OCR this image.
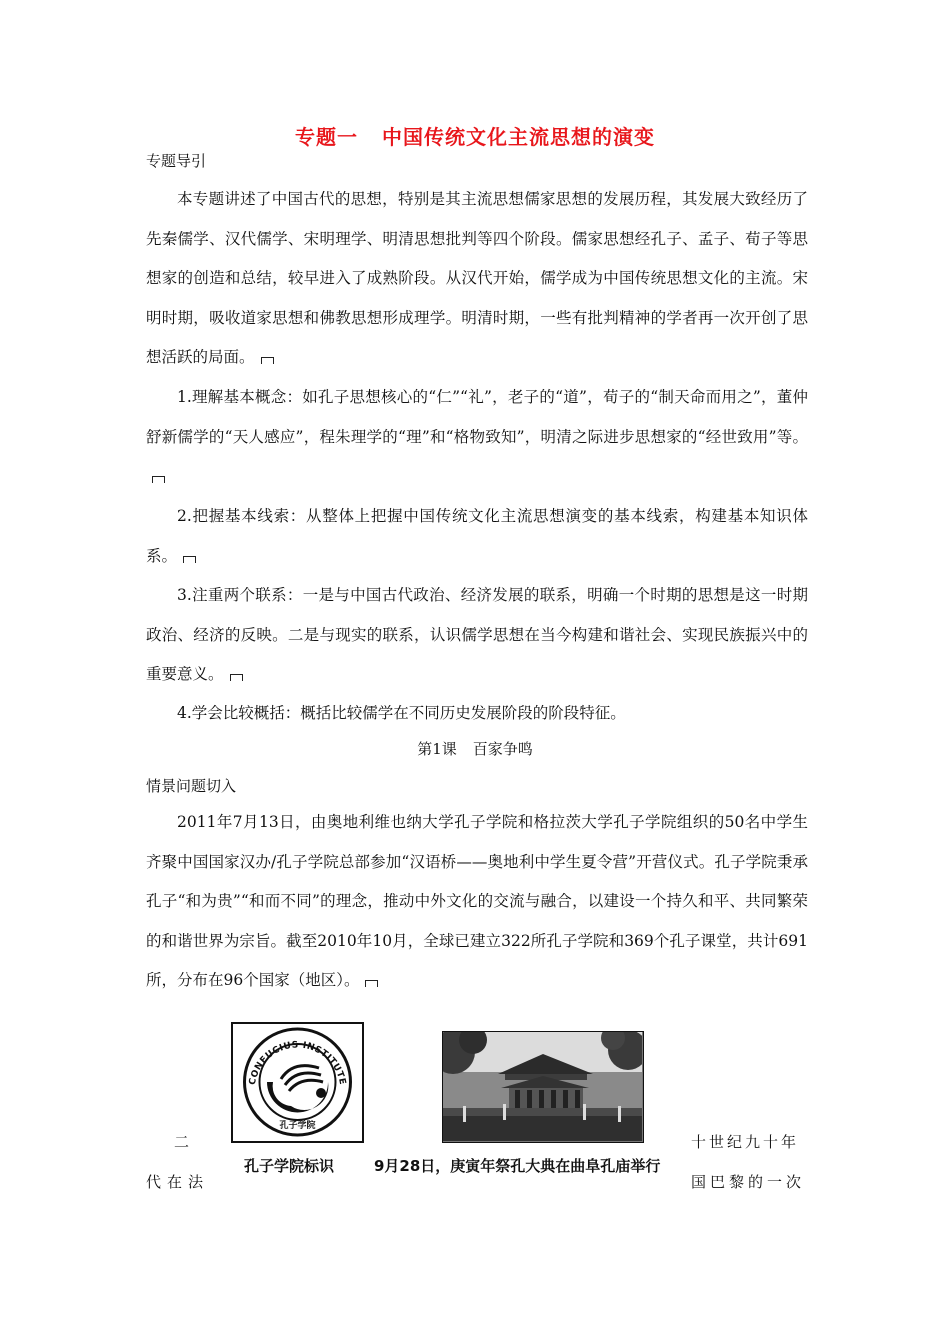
专题一 中国传统文化主流思想的演变
专题导引

本专题讲述了中国古代的思想，特别是其主流思想儒家思想的发展历程，其发展大致经历了先秦儒学、汉代儒学、宋明理学、明清思想批判等四个阶段。儒家思想经孔子、孟子、荀子等思想家的创造和总结，较早进入了成熟阶段。从汉代开始，儒学成为中国传统思想文化的主流。宋明时期，吸收道家思想和佛教思想形成理学。明清时期，一些有批判精神的学者再一次开创了思想活跃的局面。

1.理解基本概念：如孔子思想核心的“仁”“礼”，老子的“道”，荀子的“制天命而用之”，董仲舒新儒学的“天人感应”，程朱理学的“理”和“格物致知”，明清之际进步思想家的“经世致用”等。

2.把握基本线索：从整体上把握中国传统文化主流思想演变的基本线索，构建基本知识体系。

3.注重两个联系：一是与中国古代政治、经济发展的联系，明确一个时期的思想是这一时期政治、经济的反映。二是与现实的联系，认识儒学思想在当今构建和谐社会、实现民族振兴中的重要意义。

4.学会比较概括：概括比较儒学在不同历史发展阶段的阶段特征。

第1课 百家争鸣
情景问题切入

2011年7月13日，由奥地利维也纳大学孔子学院和格拉茨大学孔子学院组织的50名中学生齐聚中国国家汉办/孔子学院总部参加“汉语桥——奥地利中学生夏令营”开营仪式。孔子学院秉承孔子“和为贵”“和而不同”的理念，推动中外文化的交流与融合，以建设一个持久和平、共同繁荣的和谐世界为宗旨。截至2010年10月，全球已建立322所孔子学院和369个孔子课堂，共计691所，分布在96个国家（地区）。

CONFUCIUS INSTITUTE
孔子学院
二
代在法
孔子学院标识	9月28日，庚寅年祭孔大典在曲阜孔庙举行
十世纪九十年
国巴黎的一次
